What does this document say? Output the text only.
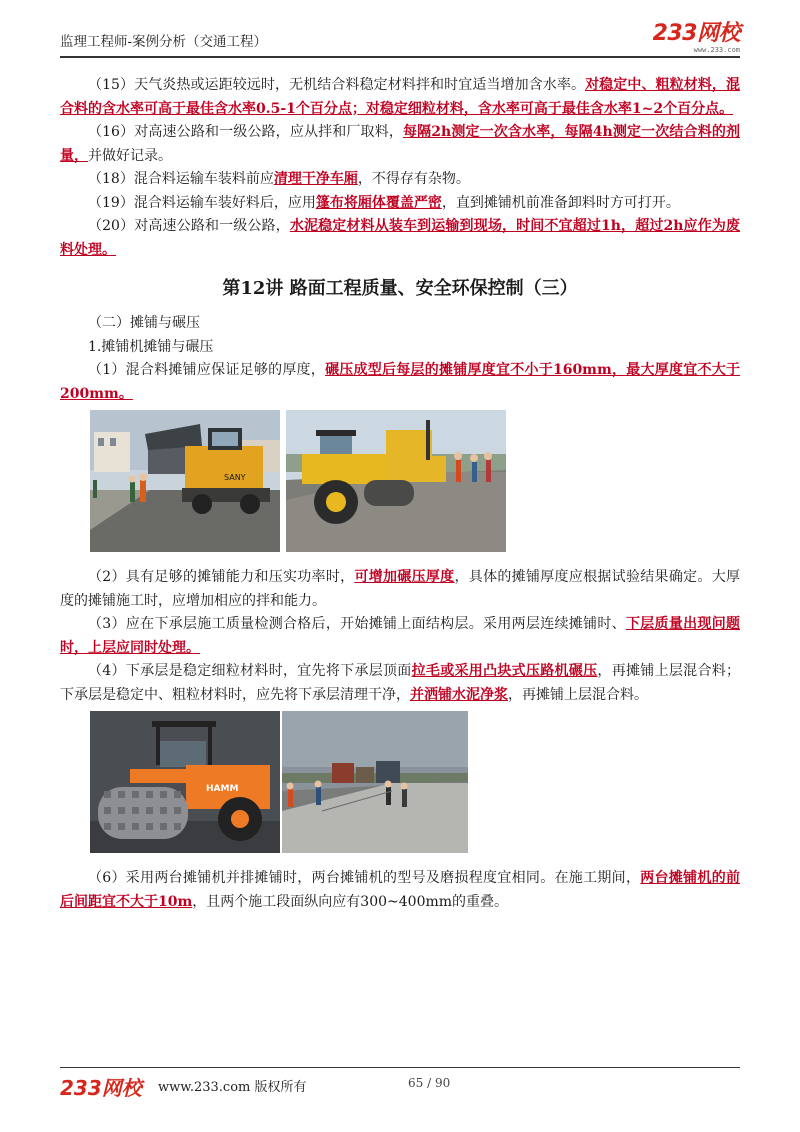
监理工程师-案例分析（交通工程）	233网校
www.233.com

（15）天气炎热或运距较远时，无机结合料稳定材料拌和时宜适当增加含水率。对稳定中、粗粒材料，混合料的含水率可高于最佳含水率0.5-1个百分点；对稳定细粒材料，含水率可高于最佳含水率1~2个百分点。

（16）对高速公路和一级公路，应从拌和厂取料，每隔2h测定一次含水率，每隔4h测定一次结合料的剂量，并做好记录。

（18）混合料运输车装料前应清理干净车厢，不得存有杂物。

（19）混合料运输车装好料后，应用篷布将厢体覆盖严密，直到摊铺机前准备卸料时方可打开。

（20）对高速公路和一级公路，水泥稳定材料从装车到运输到现场，时间不宜超过1h，超过2h应作为废料处理。

第12讲 路面工程质量、安全环保控制（三）

（二）摊铺与碾压

1.摊铺机摊铺与碾压

（1）混合料摊铺应保证足够的厚度，碾压成型后每层的摊铺厚度宜不小于160mm，最大厚度宜不大于200mm。

SANY

（2）具有足够的摊铺能力和压实功率时，可增加碾压厚度，具体的摊铺厚度应根据试验结果确定。大厚度的摊铺施工时，应增加相应的拌和能力。

（3）应在下承层施工质量检测合格后，开始摊铺上面结构层。采用两层连续摊铺时、下层质量出现问题时，上层应同时处理。

（4）下承层是稳定细粒材料时，宜先将下承层顶面拉毛或采用凸块式压路机碾压，再摊铺上层混合料；下承层是稳定中、粗粒材料时，应先将下承层清理干净，并洒铺水泥净浆，再摊铺上层混合料。

HAMM

（6）采用两台摊铺机并排摊铺时，两台摊铺机的型号及磨损程度宜相同。在施工期间，两台摊铺机的前后间距宜不大于10m，且两个施工段面纵向应有300~400mm的重叠。

233网校 www.233.com 版权所有	65 / 90
